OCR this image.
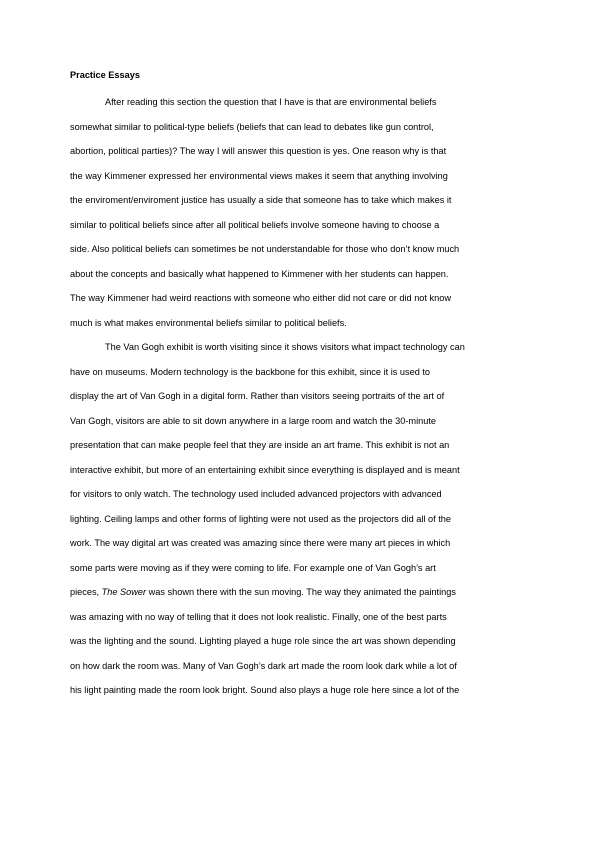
Practice Essays
After reading this section the question that I have is that are environmental beliefs
somewhat similar to political-type beliefs (beliefs that can lead to debates like gun control,
abortion, political parties)? The way I will answer this question is yes. One reason why is that
the way Kimmener expressed her environmental views makes it seem that anything involving
the enviroment/enviroment justice has usually a side that someone has to take which makes it
similar to political beliefs since after all political beliefs involve someone having to choose a
side. Also political beliefs can sometimes be not understandable for those who don’t know much
about the concepts and basically what happened to Kimmener with her students can happen.
The way Kimmener had weird reactions with someone who either did not care or did not know
much is what makes environmental beliefs similar to political beliefs.
The Van Gogh exhibit is worth visiting since it shows visitors what impact technology can
have on museums. Modern technology is the backbone for this exhibit, since it is used to
display the art of Van Gogh in a digital form. Rather than visitors seeing portraits of the art of
Van Gogh, visitors are able to sit down anywhere in a large room and watch the 30-minute
presentation that can make people feel that they are inside an art frame. This exhibit is not an
interactive exhibit, but more of an entertaining exhibit since everything is displayed and is meant
for visitors to only watch. The technology used included advanced projectors with advanced
lighting. Ceiling lamps and other forms of lighting were not used as the projectors did all of the
work. The way digital art was created was amazing since there were many art pieces in which
some parts were moving as if they were coming to life. For example one of Van Gogh’s art
pieces, The Sower was shown there with the sun moving. The way they animated the paintings
was amazing with no way of telling that it does not look realistic. Finally, one of the best parts
was the lighting and the sound. Lighting played a huge role since the art was shown depending
on how dark the room was. Many of Van Gogh’s dark art made the room look dark while a lot of
his light painting made the room look bright. Sound also plays a huge role here since a lot of the
